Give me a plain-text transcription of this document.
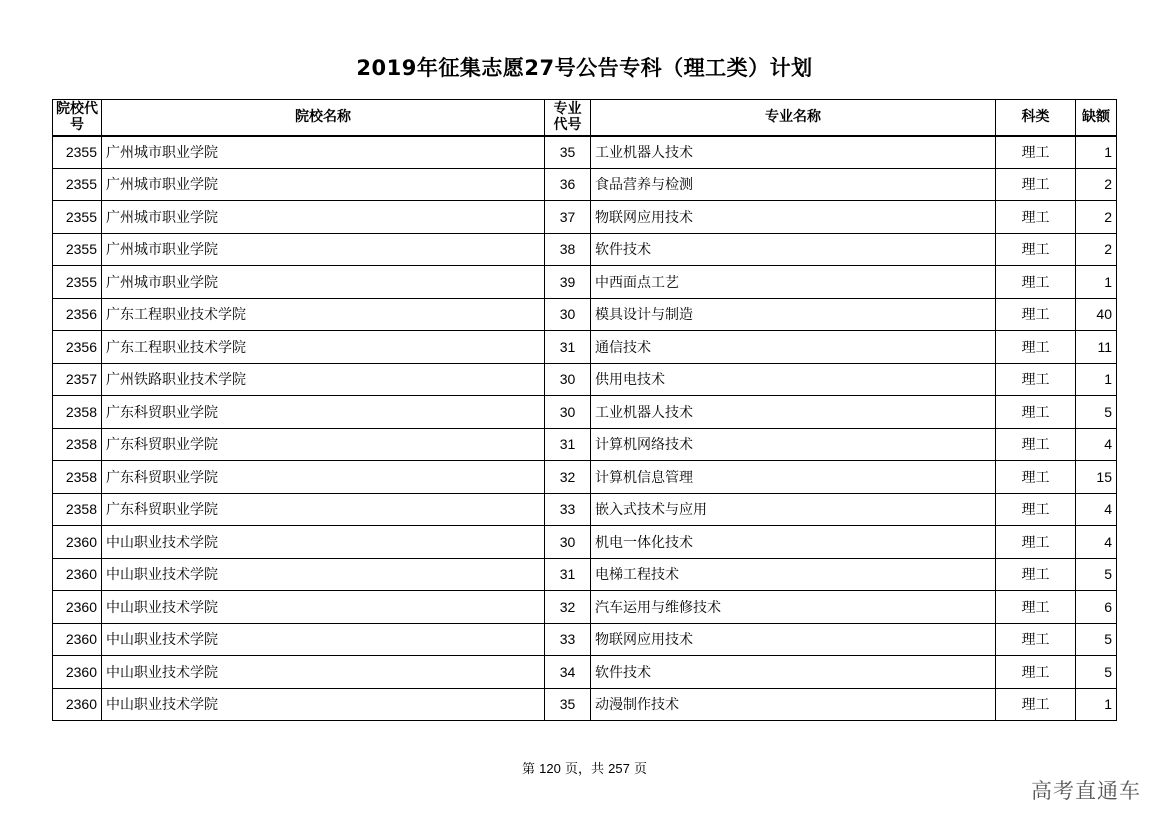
2019年征集志愿27号公告专科（理工类）计划
院校代号	院校名称	专业代号	专业名称	科类	缺额
2355	广州城市职业学院	35	工业机器人技术	理工	1
2355	广州城市职业学院	36	食品营养与检测	理工	2
2355	广州城市职业学院	37	物联网应用技术	理工	2
2355	广州城市职业学院	38	软件技术	理工	2
2355	广州城市职业学院	39	中西面点工艺	理工	1
2356	广东工程职业技术学院	30	模具设计与制造	理工	40
2356	广东工程职业技术学院	31	通信技术	理工	11
2357	广州铁路职业技术学院	30	供用电技术	理工	1
2358	广东科贸职业学院	30	工业机器人技术	理工	5
2358	广东科贸职业学院	31	计算机网络技术	理工	4
2358	广东科贸职业学院	32	计算机信息管理	理工	15
2358	广东科贸职业学院	33	嵌入式技术与应用	理工	4
2360	中山职业技术学院	30	机电一体化技术	理工	4
2360	中山职业技术学院	31	电梯工程技术	理工	5
2360	中山职业技术学院	32	汽车运用与维修技术	理工	6
2360	中山职业技术学院	33	物联网应用技术	理工	5
2360	中山职业技术学院	34	软件技术	理工	5
2360	中山职业技术学院	35	动漫制作技术	理工	1
第 120 页，共 257 页
高考直通车
